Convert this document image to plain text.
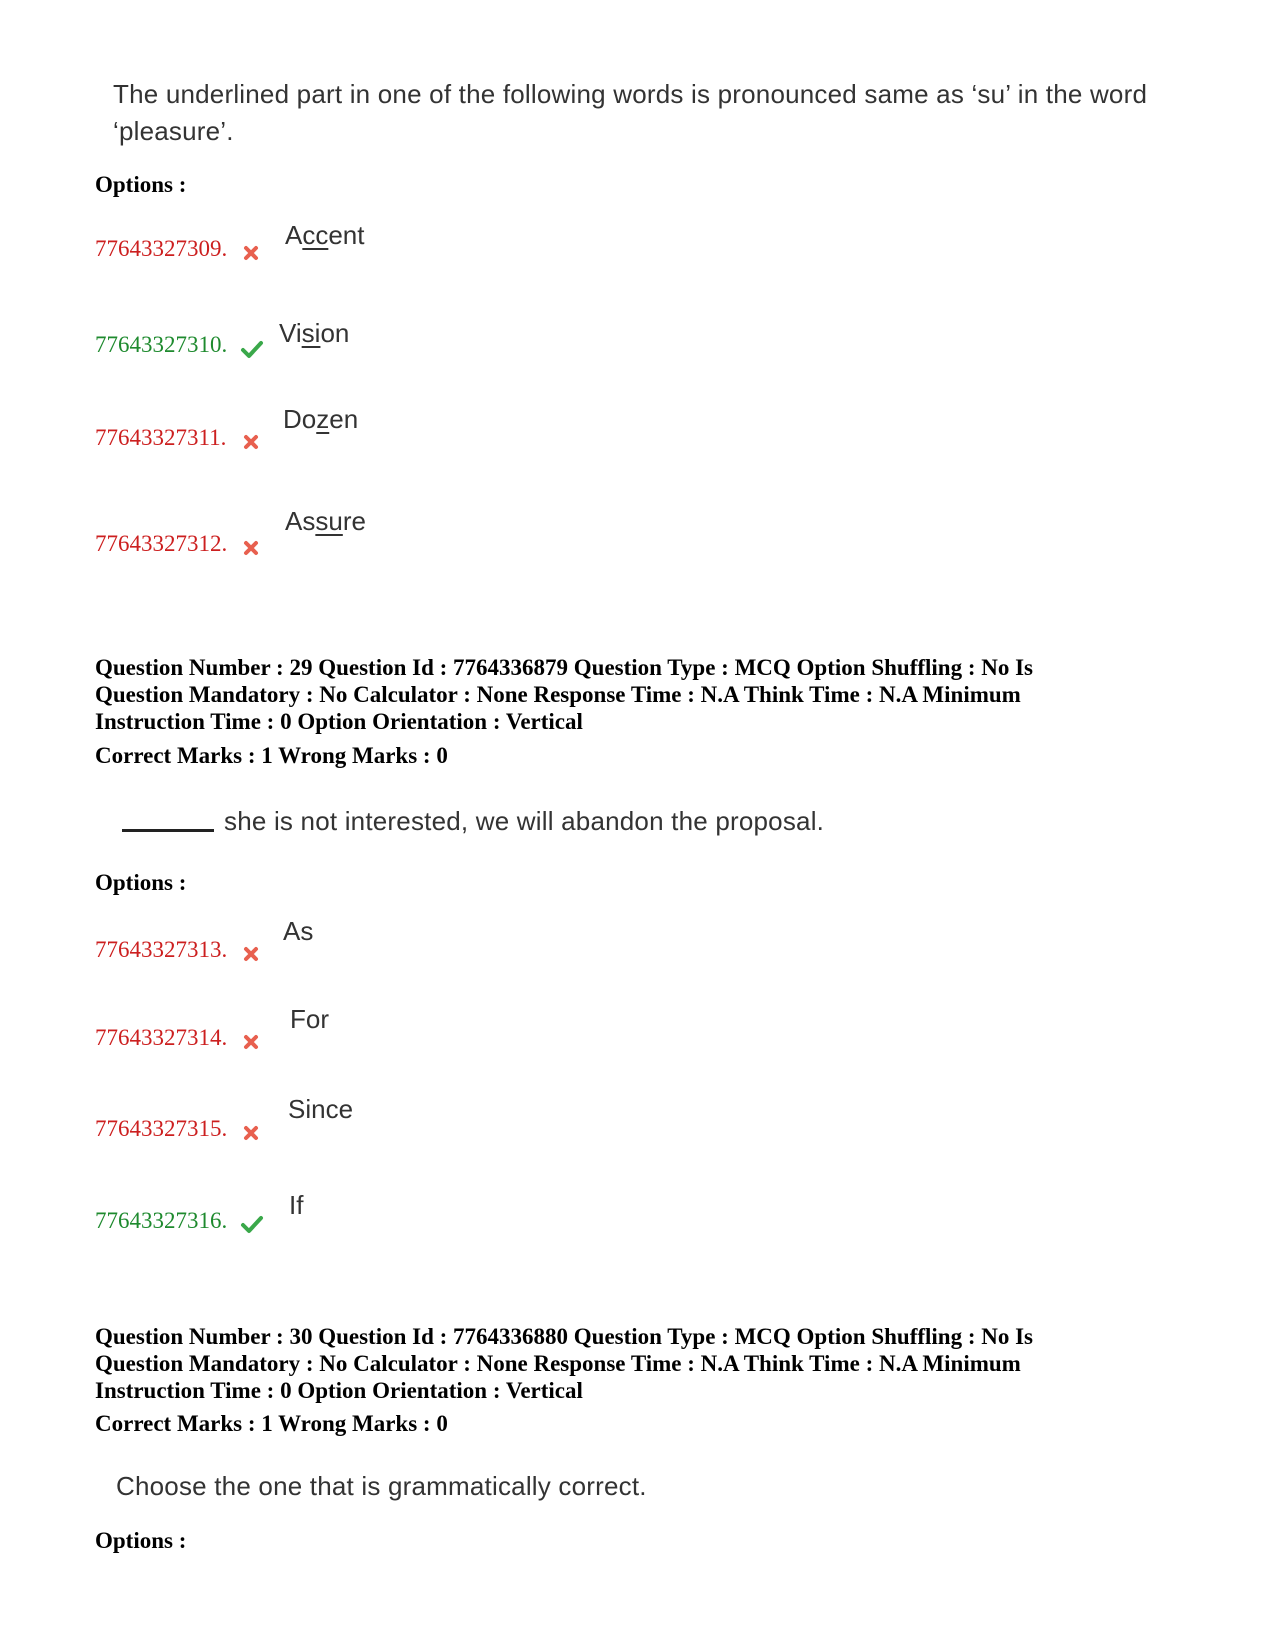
The underlined part in one of the following words is pronounced same as ‘su’ in the word ‘pleasure’.
Options :
77643327309. Accent
77643327310. Vision
77643327311.
Dozen
77643327312.
Assure
Question Number : 29 Question Id : 7764336879 Question Type : MCQ Option Shuffling : No Is
Question Mandatory : No Calculator : None Response Time : N.A Think Time : N.A Minimum
Instruction Time : 0 Option Orientation : Vertical
Correct Marks : 1 Wrong Marks : 0
she is not interested, we will abandon the proposal.
Options :
77643327313.
As
77643327314.
For
77643327315.
Since
77643327316.
If
Question Number : 30 Question Id : 7764336880 Question Type : MCQ Option Shuffling : No Is
Question Mandatory : No Calculator : None Response Time : N.A Think Time : N.A Minimum
Instruction Time : 0 Option Orientation : Vertical
Correct Marks : 1 Wrong Marks : 0
Choose the one that is grammatically correct.
Options :
